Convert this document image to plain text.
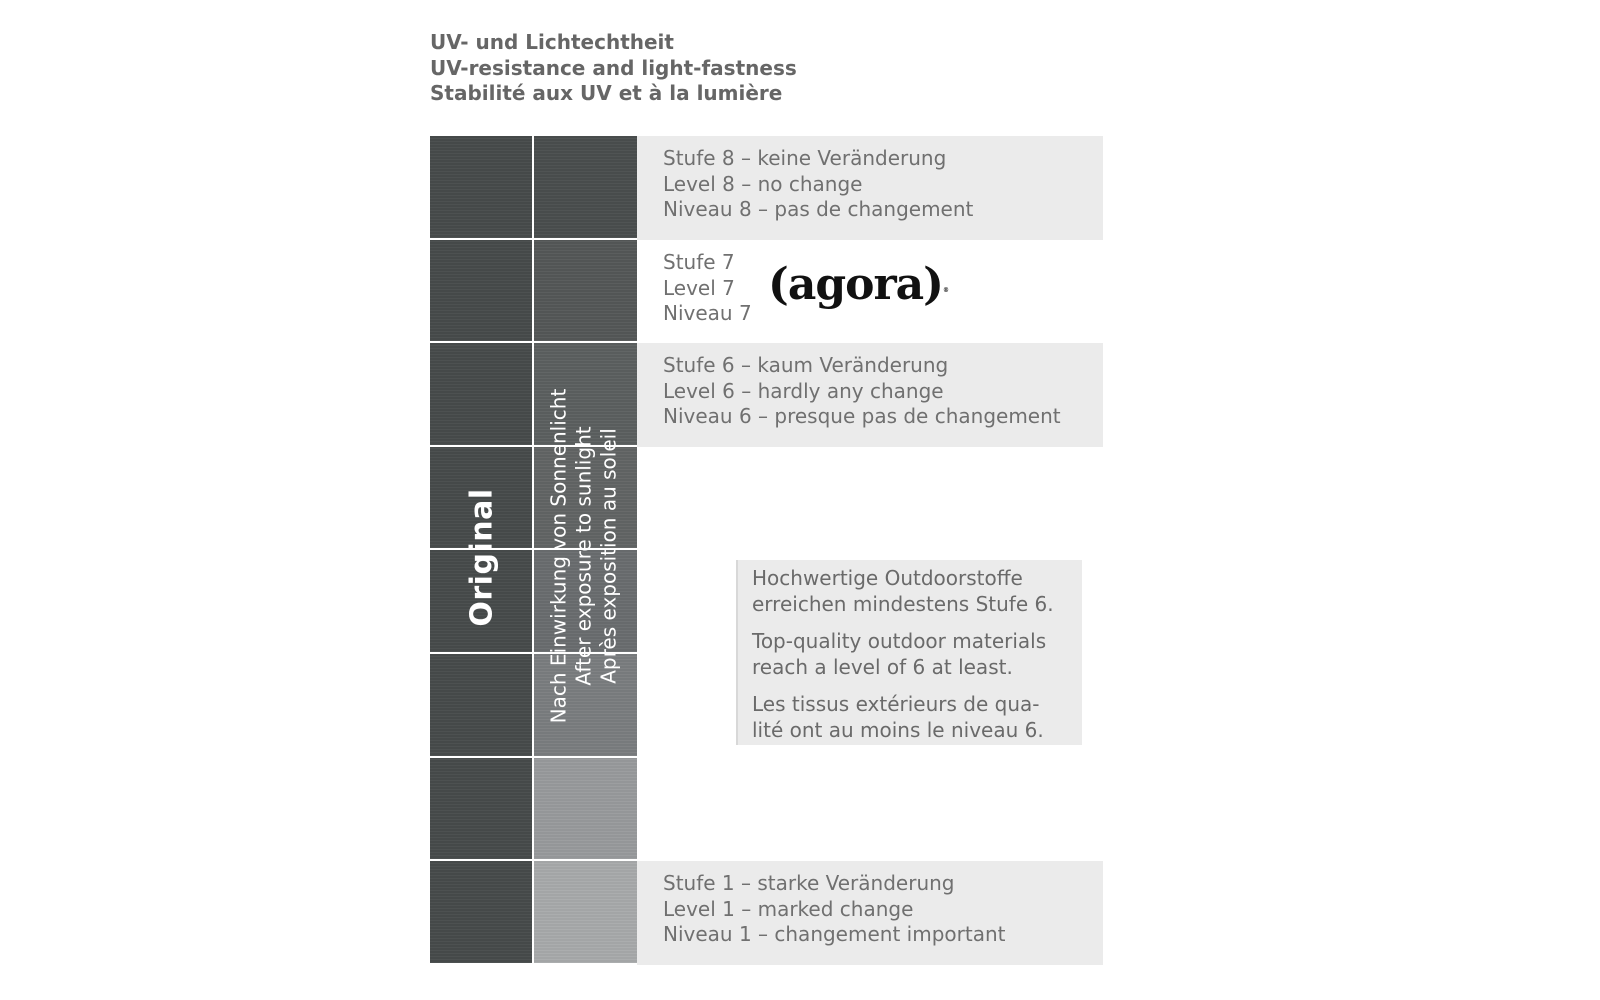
UV- und Lichtechtheit
UV-resistance and light-fastness
Stabilité aux UV et à la lumière
Original Nach Einwirkung von Sonnenlicht After exposure to sunlight Après exposition au soleil
Stufe 8 – keine Veränderung
Level 8 – no change
Niveau 8 – pas de changement
Stufe 7
Level 7
Niveau 7
(agora)®
Stufe 6 – kaum Veränderung
Level 6 – hardly any change
Niveau 6 – presque pas de changement
Stufe 1 – starke Veränderung
Level 1 – marked change
Niveau 1 – changement important

Hochwertige Outdoorstoffe
erreichen mindestens Stufe 6.

Top-quality outdoor materials
reach a level of 6 at least.

Les tissus extérieurs de qua-
lité ont au moins le niveau 6.
